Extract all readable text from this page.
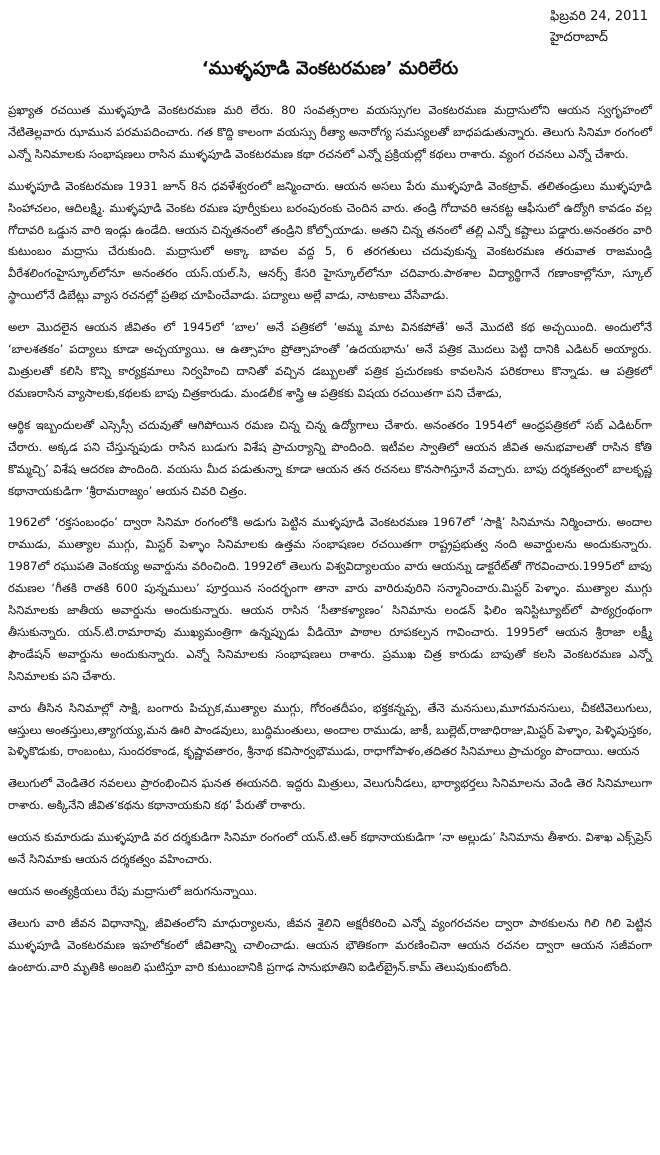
ఫిబ్రవరి 24, 2011
హైదరాబాద్
‘ముళ్ళపూడి వెంకటరమణ’ మరిలేరు

ప్రఖ్యాత రచయిత ముళ్ళపూడి వెంకటరమణ మరి లేరు. 80 సంవత్సరాల వయస్సుగల వెంకటరమణ మద్రాసులోని ఆయన స్వగృహంలో నేటితెల్లవారు ఝామున పరమపదించారు. గత కొద్ది కాలంగా వయస్సు రీత్యా అనారోగ్య సమస్యలతో బాధపడుతున్నారు. తెలుగు సినిమా రంగంలో ఎన్నో సినిమాలకు సంభాషణలు రాసిన ముళ్ళపూడి వెంకటరమణ కథా రచనలో ఎన్నో ప్రక్రియల్లో కథలు రాశారు. వ్యంగ రచనలు ఎన్నో చేశారు.

ముళ్ళపూడి వెంకటరమణ 1931 జూన్ 8న ధవళేశ్వరంలో జన్మించారు. ఆయన అసలు పేరు ముళ్ళపూడి వెంకట్రావ్. తలితండ్రులు ముళ్ళపూడి సింహాచలం, ఆదిలక్ష్మి. ముళ్ళపూడి వెంకట రమణ పూర్వీకులు బరంపురంకు చెందిన వారు. తండ్రి గోదావరి ఆనకట్ట ఆఫీసులో ఉద్యోగి కావడం వల్ల గోదావరి ఒడ్డున వారి ఇండ్లు ఉండేది. ఆయన చిన్నతనంలో తండ్రిని కోల్పోయాడు. అతని చిన్న తనంలో తల్లి ఎన్నో కష్టాలు పడ్డారు.అనంతరం వారి కుటుంబం మద్రాసు చేరుకుంది. మద్రాసులో అక్కా బావల వద్ద 5, 6 తరగతులు చదువుకున్న వెంకటరమణ తరువాత రాజమండ్రి వీరేశలింగంహైస్కూల్‌లోనూ అనంతరం యస్.యల్.సి, ఆనర్స్ కేసరి హైస్కూల్‌లోనూ చదివారు.పాఠశాల విద్యార్థిగానే గణాంకాల్లోనూ, స్కూల్ స్థాయిలోనే డిబేట్లు వ్యాస రచనల్లో ప్రతిభ చూపించేవాడు. పద్యాలు అల్లే వాడు, నాటకాలు వేసేవాడు.

అలా మొదలైన ఆయన జీవితం లో 1945లో ‘బాల’ అనే పత్రికలో ‘అమ్మ మాట వినకపోతే’ అనే మొదటి కథ అచ్చయింది. అందులోనే ‘బాలశతకం’ పద్యాలు కూడా అచ్చయ్యాయి. ఆ ఉత్సాహం ప్రోత్సాహంతో ‘ఉదయభాను’ అనే పత్రిక మొదలు పెట్టి దానికి ఎడిటర్ అయ్యారు. మిత్రులతో కలిసి కొన్ని కార్యక్రమాలు నిర్వహించి దానితో వచ్చిన డబ్బులతో పత్రిక ప్రచురణకు కావలసిన పరికరాలు కొన్నాడు. ఆ పత్రికలో రమణరాసిన వ్యాసాలకు,కథలకు బాపు చిత్రకారుడు. మండలీక శాస్త్రి ఆ పత్రికకు విషయ రచయితగా పని చేశాడు,

ఆర్థిక ఇబ్బందులతో ఎస్సెస్సీ చదువుతో ఆగిపోయిన రమణ చిన్న చిన్న ఉద్యోగాలు చేశారు. అనంతరం 1954లో ఆంధ్రపత్రికలో సబ్ ఎడిటర్‌గా చేరారు. అక్కడ పని చేస్తున్నపుడు రాసిన బుడుగు విశేష ప్రాచుర్యాన్ని పొందింది. ఇటీవల స్వాతిలో ఆయన జీవిత అనుభవాలతో రాసిన కోతి కొమ్మచ్చి’ విశేష ఆదరణ పొందింది. వయసు మీద పడుతున్నా కూడా ఆయన తన రచనలు కొనసాగిస్తూనే వచ్చారు. బాపు దర్శకత్వంలో బాలకృష్ణ కథానాయకుడిగా ‘శ్రీరామరాజ్యం’ ఆయన చివరి చిత్రం.

1962లో ‘రక్తసంబంధం’ ద్వారా సినిమా రంగంలోకి అడుగు పెట్టిన ముళ్ళపూడి వెంకటరమణ 1967లో ‘సాక్షి’ సినిమాను నిర్మించారు. అందాల రాముడు, ముత్యాల ముగ్గు, మిస్టర్ పెళ్ళాం సినిమాలకు ఉత్తమ సంభాషణల రచయితగా రాష్ట్రప్రభుత్వ నంది అవార్డులను అందుకున్నారు. 1987లో రఘుపతి వెంకయ్య అవార్డును వరించింది. 1992లో తెలుగు విశ్వవిద్యాలయం వారు ఆయన్ను డాక్టరేట్‌తో గౌరవించారు.1995లో బాపు రమణల ‘గీతకి రాతకి 600 పున్నములు’ పూర్తయిన సందర్భంగా తానా వారు వారిరువురిని సన్మానించారు.మిస్టర్ పెళ్ళాం. ముత్యాల ముగ్గు సినిమాలకు జాతీయ అవార్డును అందుకున్నారు. ఆయన రాసిన ‘సీతాకళ్యాణం’ సినిమాను లండన్ ఫిలిం ఇనిస్టిట్యూట్‌లో పాఠ్యగ్రంథంగా తీసుకున్నారు. యన్.టి.రామారావు ముఖ్యమంత్రిగా ఉన్నప్పుడు వీడియో పాఠాల రూపకల్పన గావించారు. 1995లో ఆయన శ్రీరాజా లక్ష్మీ ఫౌండేషన్ అవార్డును అందుకున్నారు. ఎన్నో సినిమాలకు సంభాషణలు రాశారు. ప్రముఖ చిత్ర కారుడు బాపుతో కలసి వెంకటరమణ ఎన్నో సినిమాలకు పని చేశారు.

వారు తీసిన సినిమాల్లో సాక్షి, బంగారు పిచ్చుక,ముత్యాల ముగ్గు, గోరంతదీపం, భక్తకన్నప్ప, తేనె మనసులు,మూగమనసులు, చీకటివెలుగులు, ఆస్తులు అంతస్తులు,త్యాగయ్య,మన ఊరి పాండవులు, బుద్ధిమంతులు, అందాల రాముడు, జాకీ, బుల్లెట్,రాజాధిరాజు,మిస్టర్ పెళ్ళాం, పెళ్ళిపుస్తకం, పెళ్ళికొడుకు, రాంబంటు, సుందరకాండ, కృష్ణావతారం, శ్రీనాథ కవిసార్వభౌముడు, రాధాగోపాళం,తదితర సినిమాలు ప్రాచుర్యం పొందాయి. ఆయన

తెలుగులో వెండితెర నవలలు ప్రారంభించిన ఘనత ఈయనది. ఇద్దరు మిత్రులు, వెలుగునీడలు, భార్యాభర్తలు సినిమాలను వెండి తెర సినిమాలుగా రాశారు. అక్కినేని జీవిత‘కథను కథానాయకుని కథ’ పేరుతో రాశారు.

ఆయన కుమారుడు ముళ్ళపూడి వర దర్శకుడిగా సినిమా రంగంలో యన్.టి.ఆర్ కథానాయకుడిగా ‘నా అల్లుడు’ సినిమాను తీశారు. విశాఖ ఎక్స్‌ప్రెస్ అనే సినిమాకు ఆయన దర్శకత్వం వహించారు.

ఆయన అంత్యక్రియలు రేపు మద్రాసులో జరుగనున్నాయి.

తెలుగు వారి జీవన విధానాన్ని, జీవితంలోని మాధుర్యాలను, జీవన శైలిని అక్షరీకరించి ఎన్నో వ్యంగరచనల ద్వారా పాఠకులను గిలి గిలి పెట్టిన ముళ్ళపూడి వెంకటరమణ ఇహలోకంలో జీవితాన్ని చాలించాడు. ఆయన భౌతికంగా మరణించినా ఆయన రచనల ద్వారా ఆయన సజీవంగా ఉంటారు.వారి మృతికి అంజలి ఘటిస్తూ వారి కుటుంబానికి ప్రగాఢ సానుభూతిని ఐడిల్‌బ్రైన్.కామ్ తెలుపుకుంటోంది.
